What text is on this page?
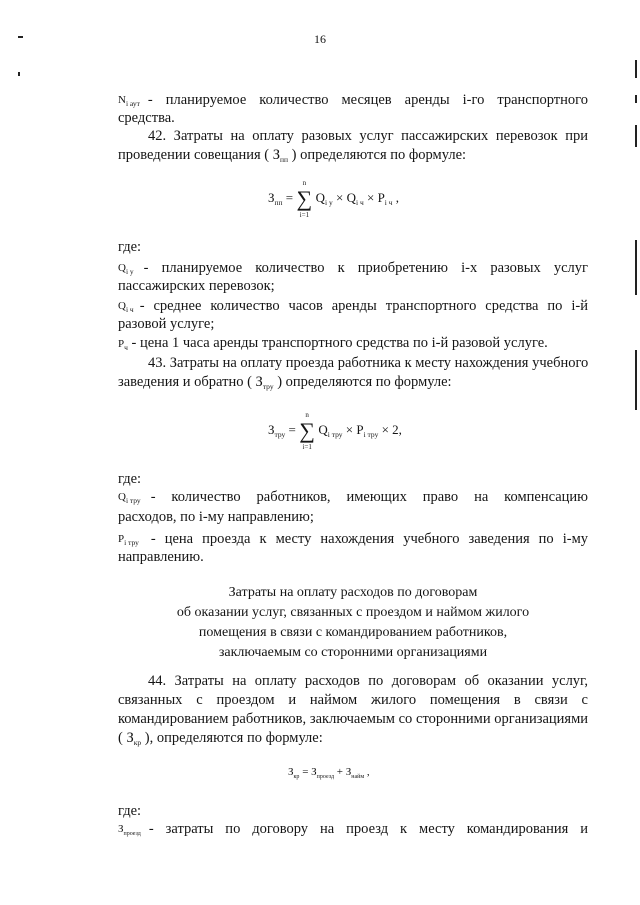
16
$N_{i аут}$ - планируемое количество месяцев аренды i-го транспортного
средства.
42. Затраты на оплату разовых услуг пассажирских перевозок при
проведении совещания ( $З_{пп}$ ) определяются по формуле:
$З_{пп}$ =
n
∑
i=1
$Q_{i у} \times Q_{i ч} \times P_{i ч}$ ,
где:
$Q_{i у}$ - планируемое количество к приобретению i-х разовых услуг
пассажирских перевозок;
$Q_{i ч}$ - среднее количество часов аренды транспортного средства по i-й
разовой услуге;
$P_ч$ - цена 1 часа аренды транспортного средства по i-й разовой услуге.
43. Затраты на оплату проезда работника к месту нахождения учебного
заведения и обратно ( $З_{тру}$ ) определяются по формуле:
$З_{тру}$ =
n
∑
i=1
$Q_{i тру} \times P_{i тру} \times 2$,
где:
$Q_{i тру}$ - количество работников, имеющих право на компенсацию
расходов, по i-му направлению;
$P_{i тру}$ - цена проезда к месту нахождения учебного заведения по i-му
направлению.
Затраты на оплату расходов по договорам
об оказании услуг, связанных с проездом и наймом жилого
помещения в связи с командированием работников,
заключаемым со сторонними организациями
44. Затраты на оплату расходов по договорам об оказании услуг,
связанных с проездом и наймом жилого помещения в связи с
командированием работников, заключаемым со сторонними организациями
( $З_{кр}$ ), определяются по формуле:
$З_{кр} = З_{проезд} + З_{найм}$ ,
где:
$З_{проезд}$ - затраты по договору на проезд к месту командирования и
